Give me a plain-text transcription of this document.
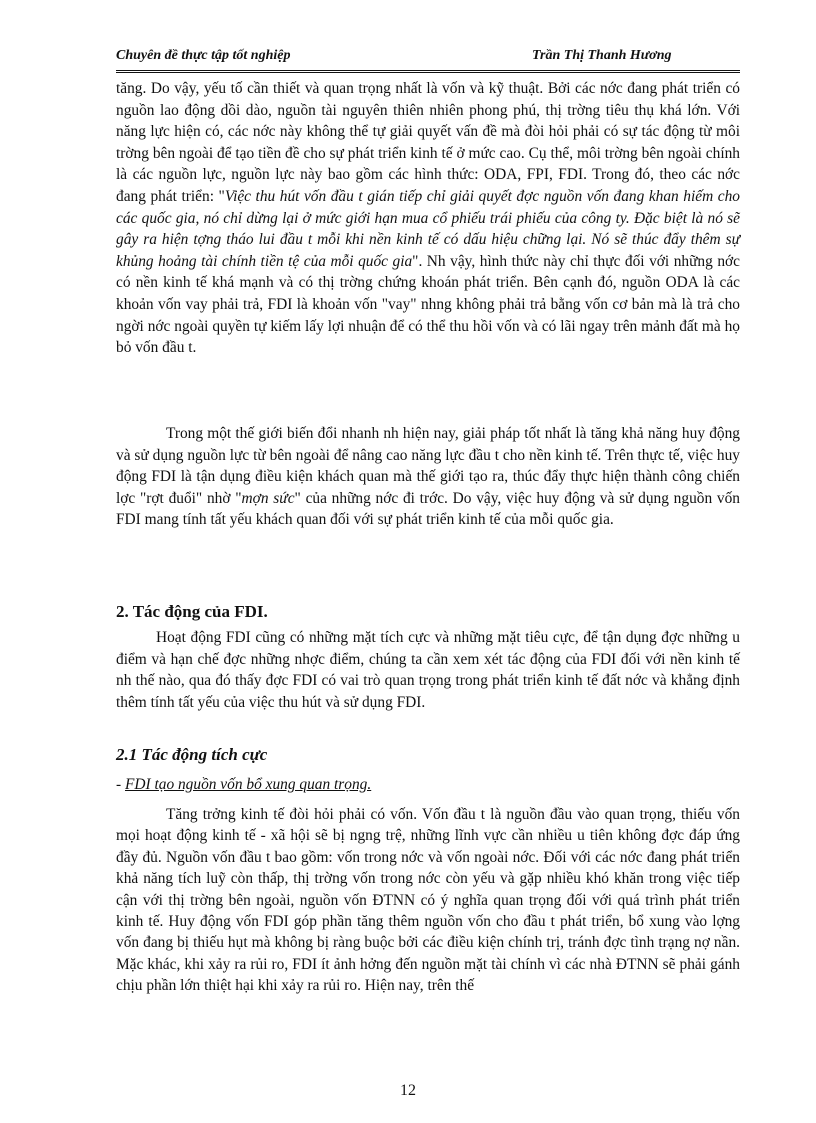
Chuyên đề thực tập tốt nghiệp	Trần Thị Thanh Hương
tăng. Do vậy, yếu tố cần thiết và quan trọng nhất là vốn và kỹ thuật. Bởi các nớc đang phát triển có nguồn lao động dồi dào, nguồn tài nguyên thiên nhiên phong phú, thị trờng tiêu thụ khá lớn. Với năng lực hiện có, các nớc này không thể tự giải quyết vấn đề mà đòi hỏi phải có sự tác động từ môi trờng bên ngoài để tạo tiền đề cho sự phát triển kinh tế ở mức cao. Cụ thể, môi trờng bên ngoài chính là các nguồn lực, nguồn lực này bao gồm các hình thức: ODA, FPI, FDI. Trong đó, theo các nớc đang phát triển: "Việc thu hút vốn đầu t gián tiếp chỉ giải quyết đợc nguồn vốn đang khan hiếm cho các quốc gia, nó chỉ dừng lại ở mức giới hạn mua cổ phiếu trái phiếu của công ty. Đặc biệt là nó sẽ gây ra hiện tợng tháo lui đầu t mỗi khi nền kinh tế có dấu hiệu chững lại. Nó sẽ thúc đẩy thêm sự khủng hoảng tài chính tiền tệ của mỗi quốc gia". Nh vậy, hình thức này chỉ thực đối với những nớc có nền kinh tế khá mạnh và có thị trờng chứng khoán phát triển. Bên cạnh đó, nguồn ODA là các khoản vốn vay phải trả, FDI là khoản vốn "vay" nhng không phải trả bằng vốn cơ bản mà là trả cho ngời nớc ngoài quyền tự kiếm lấy lợi nhuận để có thể thu hồi vốn và có lãi ngay trên mảnh đất mà họ bỏ vốn đầu t.
Trong một thế giới biến đổi nhanh nh hiện nay, giải pháp tốt nhất là tăng khả năng huy động và sử dụng nguồn lực từ bên ngoài để nâng cao năng lực đầu t cho nền kinh tế. Trên thực tế, việc huy động FDI là tận dụng điều kiện khách quan mà thế giới tạo ra, thúc đẩy thực hiện thành công chiến lợc "rợt đuổi" nhờ "mợn sức" của những nớc đi trớc. Do vậy, việc huy động và sử dụng nguồn vốn FDI mang tính tất yếu khách quan đối với sự phát triển kinh tế của mỗi quốc gia.
2. Tác động của FDI.
Hoạt động FDI cũng có những mặt tích cực và những mặt tiêu cực, để tận dụng đợc những u điểm và hạn chế đợc những nhợc điểm, chúng ta cần xem xét tác động của FDI đối với nền kinh tế nh thế nào, qua đó thấy đợc FDI có vai trò quan trọng trong phát triển kinh tế đất nớc và khẳng định thêm tính tất yếu của việc thu hút và sử dụng FDI.
2.1 Tác động tích cực
- FDI tạo nguồn vốn bổ xung quan trọng.
Tăng trởng kinh tế đòi hỏi phải có vốn. Vốn đầu t là nguồn đầu vào quan trọng, thiếu vốn mọi hoạt động kinh tế - xã hội sẽ bị ngng trệ, những lĩnh vực cần nhiều u tiên không đợc đáp ứng đầy đủ. Nguồn vốn đầu t bao gồm: vốn trong nớc và vốn ngoài nớc. Đối với các nớc đang phát triển khả năng tích luỹ còn thấp, thị trờng vốn trong nớc còn yếu và gặp nhiều khó khăn trong việc tiếp cận với thị trờng bên ngoài, nguồn vốn ĐTNN có ý nghĩa quan trọng đối với quá trình phát triển kinh tế. Huy động vốn FDI góp phần tăng thêm nguồn vốn cho đầu t phát triển, bổ xung vào lợng vốn đang bị thiếu hụt mà không bị ràng buộc bởi các điều kiện chính trị, tránh đợc tình trạng nợ nần. Mặc khác, khi xảy ra rủi ro, FDI ít ảnh hởng đến nguồn mặt tài chính vì các nhà ĐTNN sẽ phải gánh chịu phần lớn thiệt hại khi xảy ra rủi ro. Hiện nay, trên thế
12
